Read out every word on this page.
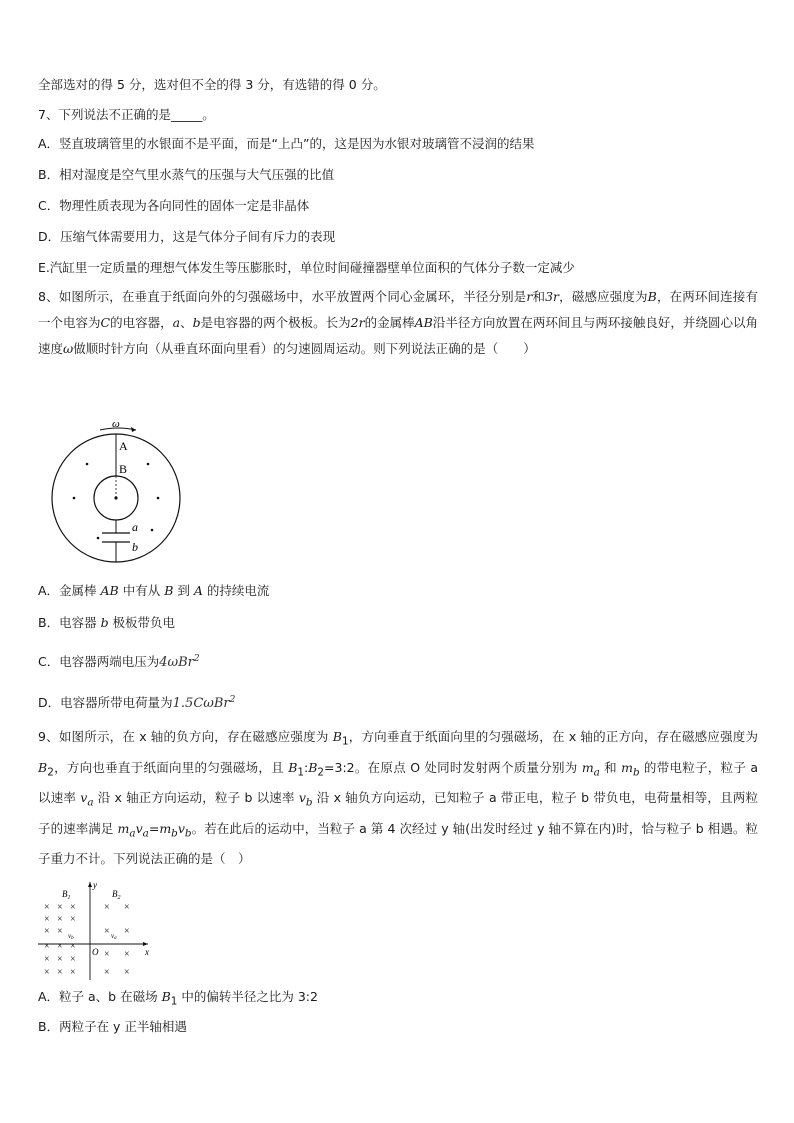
全部选对的得 5 分，选对但不全的得 3 分，有选错的得 0 分。
7、下列说法不正确的是_____。
A．竖直玻璃管里的水银面不是平面，而是“上凸”的，这是因为水银对玻璃管不浸润的结果
B．相对湿度是空气里水蒸气的压强与大气压强的比值
C．物理性质表现为各向同性的固体一定是非晶体
D．压缩气体需要用力，这是气体分子间有斥力的表现
E.汽缸里一定质量的理想气体发生等压膨胀时，单位时间碰撞器壁单位面积的气体分子数一定减少
8、如图所示，在垂直于纸面向外的匀强磁场中，水平放置两个同心金属环，半径分别是r和3r，磁感应强度为B，在两环间连接有一个电容为C的电容器，a、b是电容器的两个极板。长为2r的金属棒AB沿半径方向放置在两环间且与两环接触良好，并绕圆心以角速度ω做顺时针方向（从垂直环面向里看）的匀速圆周运动。则下列说法正确的是（　　）
ω
A
B
a
b
A．金属棒 AB 中有从 B 到 A 的持续电流
B．电容器 b 极板带负电
C．电容器两端电压为4ωBr$^2$
D．电容器所带电荷量为1.5CωBr$^2$
9、如图所示，在 x 轴的负方向，存在磁感应强度为 $B_1$，方向垂直于纸面向里的匀强磁场，在 x 轴的正方向，存在磁感应强度为 $B_2$，方向也垂直于纸面向里的匀强磁场，且 $B_1:B_2=3:2$。在原点 O 处同时发射两个质量分别为 $m_a$ 和 $m_b$ 的带电粒子，粒子 a 以速率 $v_a$ 沿 x 轴正方向运动，粒子 b 以速率 $v_b$ 沿 x 轴负方向运动，已知粒子 a 带正电，粒子 b 带负电，电荷量相等，且两粒子的速率满足 $m_av_a=m_bv_b$。若在此后的运动中，当粒子 a 第 4 次经过 y 轴(出发时经过 y 轴不算在内)时，恰与粒子 b 相遇。粒子重力不计。下列说法正确的是（　）
y
x
O
$B_1$	$B_2$
vb	va
× × ×
× × ×
× ×
× × ×
× × ×
× × ×
× ×
× ×
× ×
× ×
A．粒子 a、b 在磁场 $B_1$ 中的偏转半径之比为 3:2
B．两粒子在 y 正半轴相遇
